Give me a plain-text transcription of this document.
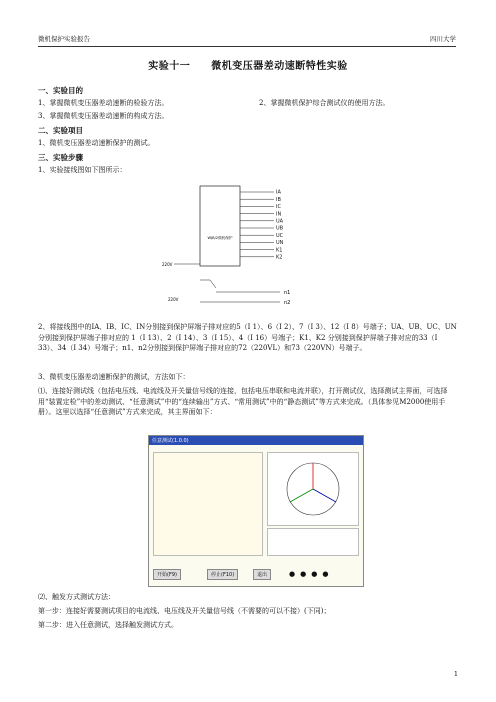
微机保护实验报告	四川大学
实验十一　　微机变压器差动速断特性实验
一、实验目的
1、掌握微机变压器差动速断的检验方法。	2、掌握微机保护综合测试仪的使用方法。
3、掌握微机变压器差动速断的构成方法。
二、实验项目
1、微机变压器差动速断保护的测试。
三、实验步骤
1、实验接线图如下图所示：
WJB/2微机保护
IA
IB
IC
IN
UA
UB
UC
UN
K1
K2
220V
220V
n1
n2
2、将接线图中的IA、IB、IC、IN分别接到保护屏端子排对应的5（I 1）、6（I 2）、7（I 3）、12（I 8）号端子；UA、UB、UC、UN 分别接到保护屏端子排对应的 1（I 13）、2（I 14）、3（I 15）、4（I 16）号端子；K1、K2 分别接到保护屏端子排对应的33（I 33）、34（I 34）号端子；n1、n2分别接到保护屏端子排对应的72（220VL）和73（220VN）号端子。
3、微机变压器差动速断保护的测试，方法如下：
⑴、连接好测试线（包括电压线、电流线及开关量信号线的连接，包括电压串联和电流并联），打开测试仪，选择测试主界面，可选择用“装置定检”中的差动测试、“任意测试”中的“连续输出”方式、“常用测试”中的“静态测试”等方式来完成。（具体参见M2000使用手册）。这里以选择“任意测试”方式来完成，其主界面如下：
任意测试(1.0.0)
开始(F9)	停止(F10)	退出	●●●●
⑵、触发方式测试方法：
第一步：连接好需要测试项目的电流线、电压线及开关量信号线（不需要的可以不接）(下同)；
第二步：进入任意测试，选择触发测试方式。
1
